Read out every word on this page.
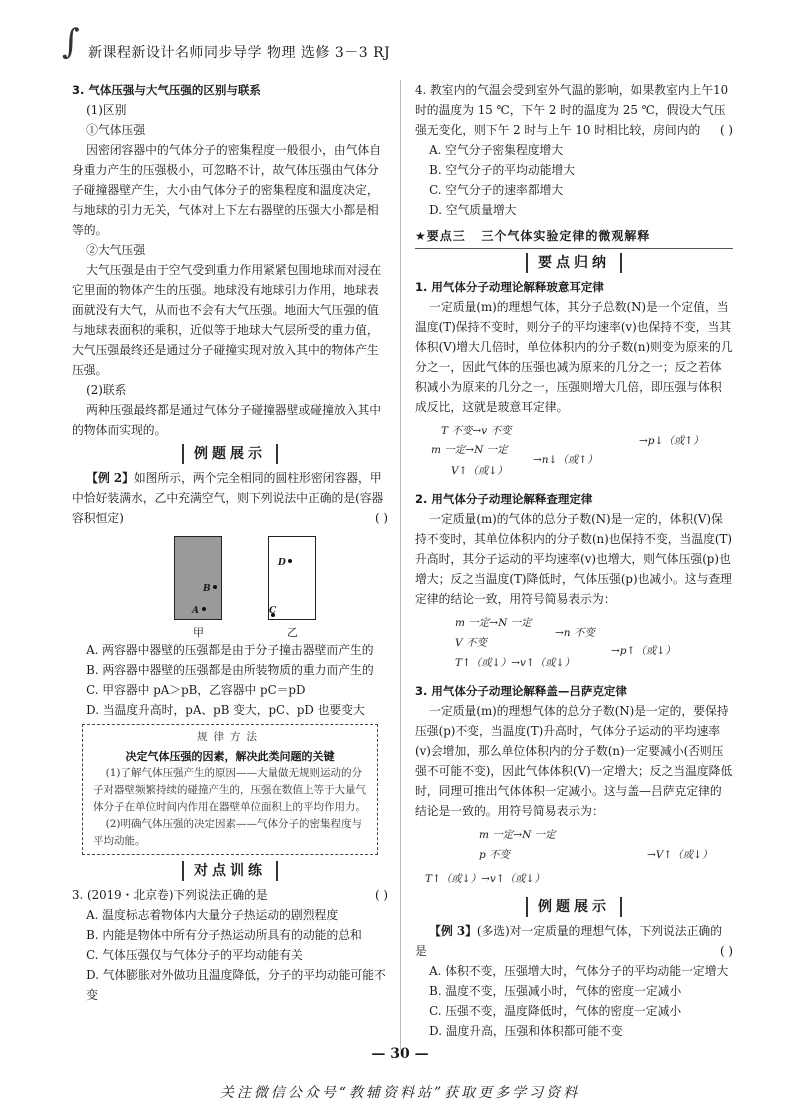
∫ 新课程新设计名师同步导学 物理 选修 3－3 RJ

3. 气体压强与大气压强的区别与联系

(1)区别

①气体压强

因密闭容器中的气体分子的密集程度一般很小，由气体自身重力产生的压强极小，可忽略不计，故气体压强由气体分子碰撞器壁产生，大小由气体分子的密集程度和温度决定，与地球的引力无关，气体对上下左右器壁的压强大小都是相等的。

②大气压强

大气压强是由于空气受到重力作用紧紧包围地球而对浸在它里面的物体产生的压强。地球没有地球引力作用，地球表面就没有大气，从而也不会有大气压强。地面大气压强的值与地球表面积的乘积，近似等于地球大气层所受的重力值，大气压强最终还是通过分子碰撞实现对放入其中的物体产生压强。

(2)联系

两种压强最终都是通过气体分子碰撞器壁或碰撞放入其中的物体而实现的。

例题展示

【例 2】如图所示，两个完全相同的圆柱形密闭容器，甲中恰好装满水，乙中充满空气，则下列说法中正确的是(容器容积恒定)	( )

B
A
甲
D
C
乙

A. 两容器中器壁的压强都是由于分子撞击器壁而产生的

B. 两容器中器壁的压强都是由所装物质的重力而产生的

C. 甲容器中 pA＞pB，乙容器中 pC＝pD

D. 当温度升高时，pA、pB 变大，pC、pD 也要变大

规律方法
决定气体压强的因素，解决此类问题的关键

(1)了解气体压强产生的原因——大量做无规则运动的分子对器壁频繁持续的碰撞产生的，压强在数值上等于大量气体分子在单位时间内作用在器壁单位面积上的平均作用力。

(2)明确气体压强的决定因素——气体分子的密集程度与平均动能。

对点训练

3. (2019・北京卷)下列说法正确的是	( )

A. 温度标志着物体内大量分子热运动的剧烈程度

B. 内能是物体中所有分子热运动所具有的动能的总和

C. 气体压强仅与气体分子的平均动能有关

D. 气体膨胀对外做功且温度降低，分子的平均动能可能不变

4. 教室内的气温会受到室外气温的影响，如果教室内上午10时的温度为 15 ℃，下午 2 时的温度为 25 ℃，假设大气压强无变化，则下午 2 时与上午 10 时相比较，房间内的 ( )

A. 空气分子密集程度增大

B. 空气分子的平均动能增大

C. 空气分子的速率都增大

D. 空气质量增大

★要点三 三个气体实验定律的微观解释
要点归纳

1. 用气体分子动理论解释玻意耳定律

一定质量(m)的理想气体，其分子总数(N)是一个定值，当温度(T)保持不变时，则分子的平均速率(v)也保持不变，当其体积(V)增大几倍时，单位体积内的分子数(n)则变为原来的几分之一，因此气体的压强也减为原来的几分之一；反之若体积减小为原来的几分之一，压强则增大几倍，即压强与体积成反比，这就是玻意耳定律。

T 不变→v 不变
m 一定→N 一定
→n↓（或↑）
V↑（或↓）
→p↓（或↑）

2. 用气体分子动理论解释查理定律

一定质量(m)的气体的总分子数(N)是一定的，体积(V)保持不变时，其单位体积内的分子数(n)也保持不变，当温度(T)升高时，其分子运动的平均速率(v)也增大，则气体压强(p)也增大；反之当温度(T)降低时，气体压强(p)也减小。这与查理定律的结论一致，用符号简易表示为：

m 一定→N 一定
→n 不变
V 不变
T↑（或↓）→v↑（或↓）
→p↑（或↓）

3. 用气体分子动理论解释盖—吕萨克定律

一定质量(m)的理想气体的总分子数(N)是一定的，要保持压强(p)不变，当温度(T)升高时，气体分子运动的平均速率(v)会增加，那么单位体积内的分子数(n)一定要减小(否则压强不可能不变)，因此气体体积(V)一定增大；反之当温度降低时，同理可推出气体体积一定减小。这与盖—吕萨克定律的结论是一致的。用符号简易表示为：

m 一定→N 一定
p 不变	→V↑（或↓）
T↑（或↓）→v↑（或↓）
例题展示

【例 3】(多选)对一定质量的理想气体，下列说法正确的是	( )

A. 体积不变，压强增大时，气体分子的平均动能一定增大

B. 温度不变，压强减小时，气体的密度一定减小

C. 压强不变，温度降低时，气体的密度一定减小

D. 温度升高，压强和体积都可能不变

— 30 —
关注微信公众号“教辅资料站”获取更多学习资料
